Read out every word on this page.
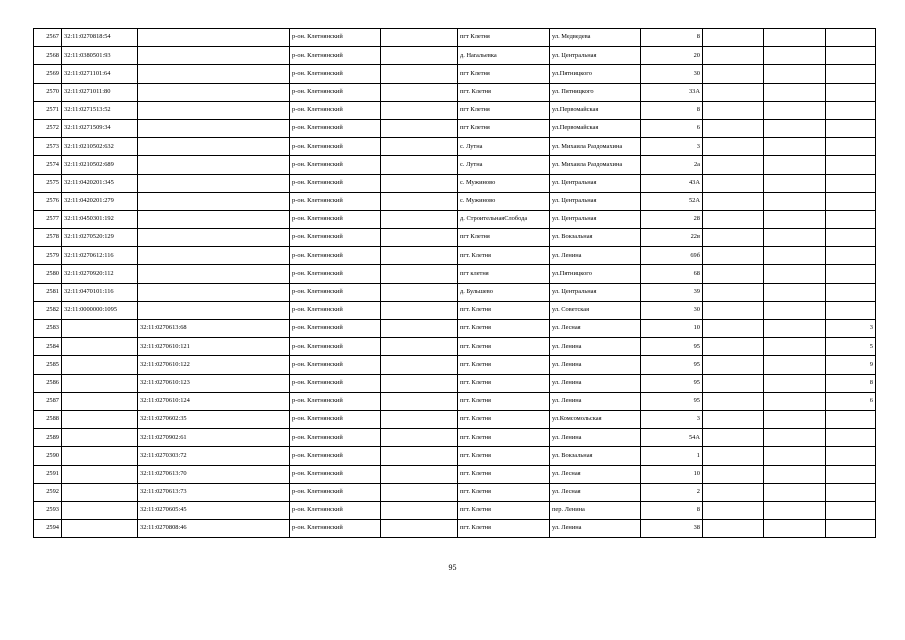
2567	32:11:0270818:54		р-он. Клетнянский		пгт Клетня	ул. Медведева	8			
2568	32:11:0380501:93		р-он. Клетнянский		д. Harальевка	ул. Центральная	20			
2569	32:11:0271101:64		р-он. Клетнянский		пгт Клетня	ул.Пятницкого	30			
2570	32:11:0271011:80		р-он. Клетнянский		пгт. Клетня	ул. Пятницкого	33А			
2571	32:11:0271513:52		р-он. Клетнянский		пгт Клетня	ул.Первомайская	8			
2572	32:11:0271509:34		р-он. Клетнянский		пгт Клетня	ул.Первомайская	6			
2573	32:11:0210502:632		р-он. Клетнянский		с. Лутна	ул. Михаила Раздомахина	3			
2574	32:11:0210502:689		р-он. Клетнянский		с. Лутна	ул. Михаила Раздомахина	2а			
2575	32:11:0420201:345		р-он. Клетнянский		с. Мужиново	ул. Центральная	43А			
2576	32:11:0420201:279		р-он. Клетнянский		с. Мужиново	ул. Центральная	52А			
2577	32:11:0450301:192		р-он. Клетнянский		д. СтроительнаяСлобода	ул. Центральная	28			
2578	32:11:0270520:129		р-он. Клетнянский		пгт Клетня	ул. Вокзальная	22в			
2579	32:11:0270612:116		р-он. Клетнянский		пгт. Клетня	ул. Ленина	69б			
2580	32:11:0270920:112		р-он. Клетнянский		пгт клетня	ул.Пятницкого	68			
2581	32:11:0470101:116		р-он. Клетнянский		д. Бульшево	ул. Центральная	39			
2582	32:11:0000000:1095		р-он. Клетнянский		пгт. Клетня	ул. Советская	30			
2583		32:11:0270613:68	р-он. Клетнянский		пгт. Клетня	ул. Лесная	10			3
2584		32:11:0270610:121	р-он. Клетнянский		пгт. Клетня	ул. Ленина	95			5
2585		32:11:0270610:122	р-он. Клетнянский		пгт. Клетня	ул. Ленина	95			9
2586		32:11:0270610:123	р-он. Клетнянский		пгт. Клетня	ул. Ленина	95			8
2587		32:11:0270610:124	р-он. Клетнянский		пгт. Клетня	ул. Ленина	95			6
2588		32:11:0270602:35	р-он. Клетнянский		пгт. Клетня	ул.Комсомольская	3			
2589		32:11:0270902:61	р-он. Клетнянский		пгт. Клетня	ул. Ленина	54А			
2590		32:11:0270303:72	р-он. Клетнянский		пгт. Клетня	ул. Вокзальная	1			
2591		32:11:0270613:70	р-он. Клетнянский		пгт. Клетня	ул. Лесная	10			
2592		32:11:0270613:73	р-он. Клетнянский		пгт. Клетня	ул. Лесная	2			
2593		32:11:0270605:45	р-он. Клетнянский		пгт. Клетня	пер. Ленина	8			
2594		32:11:0270808:46	р-он. Клетнянский		пгт. Клетня	ул. Ленина	38			
95
